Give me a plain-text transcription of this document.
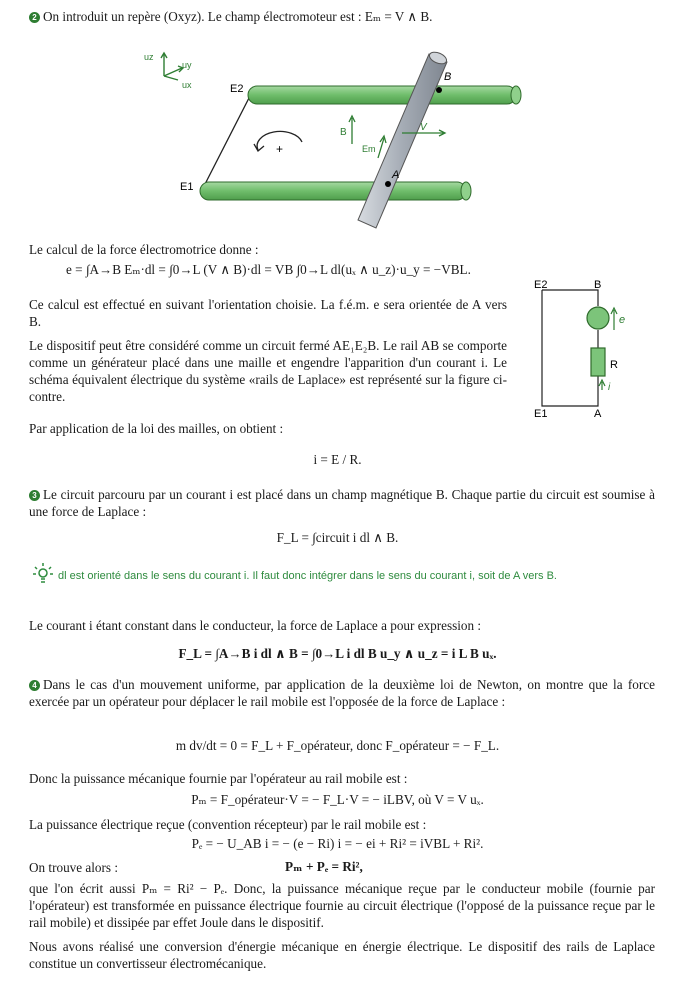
2 On introduit un repère (Oxyz). Le champ électromoteur est : Eₘ = V ∧ B.

uz
uy
ux
B
A
E2
E1
B
Em
V
+

Le calcul de la force électromotrice donne :

e = ∫A→B Eₘ·dl = ∫0→L (V ∧ B)·dl = VB ∫0→L dl(uₓ ∧ u_z)·u_y = −VBL.

Ce calcul est effectué en suivant l'orientation choisie. La f.é.m. e sera orientée de A vers B.

Le dispositif peut être considéré comme un circuit fermé AE₁E₂B. Le rail AB se comporte comme un générateur placé dans une maille et engendre l'apparition d'un courant i. Le schéma équivalent électrique du système «rails de Laplace» est représenté sur la figure ci-contre.

E2	B
e
R
i
E1	A

Par application de la loi des mailles, on obtient :

i = E / R.

3 Le circuit parcouru par un courant i est placé dans un champ magnétique B. Chaque partie du circuit est soumise à une force de Laplace :

F_L = ∫circuit i dl ∧ B.
dl est orienté dans le sens du courant i. Il faut donc intégrer dans le sens du courant i, soit de A vers B.

Le courant i étant constant dans le conducteur, la force de Laplace a pour expression :

F_L = ∫A→B i dl ∧ B = ∫0→L i dl B u_y ∧ u_z = i L B uₓ.

4 Dans le cas d'un mouvement uniforme, par application de la deuxième loi de Newton, on montre que la force exercée par un opérateur pour déplacer le rail mobile est l'opposée de la force de Laplace :

m dv/dt = 0 = F_L + F_opérateur, donc F_opérateur = − F_L.

Donc la puissance mécanique fournie par l'opérateur au rail mobile est :

Pₘ = F_opérateur·V = − F_L·V = − iLBV, où V = V uₓ.

La puissance électrique reçue (convention récepteur) par le rail mobile est :

Pₑ = − U_AB i = − (e − Ri) i = − ei + Ri² = iVBL + Ri².

On trouve alors :	Pₘ + Pₑ = Ri²,

que l'on écrit aussi Pₘ = Ri² − Pₑ. Donc, la puissance mécanique reçue par le conducteur mobile (fournie par l'opérateur) est transformée en puissance électrique fournie au circuit électrique (l'opposé de la puissance reçue par le rail mobile) et dissipée par effet Joule dans le dispositif.

Nous avons réalisé une conversion d'énergie mécanique en énergie électrique. Le dispositif des rails de Laplace constitue un convertisseur électromécanique.
